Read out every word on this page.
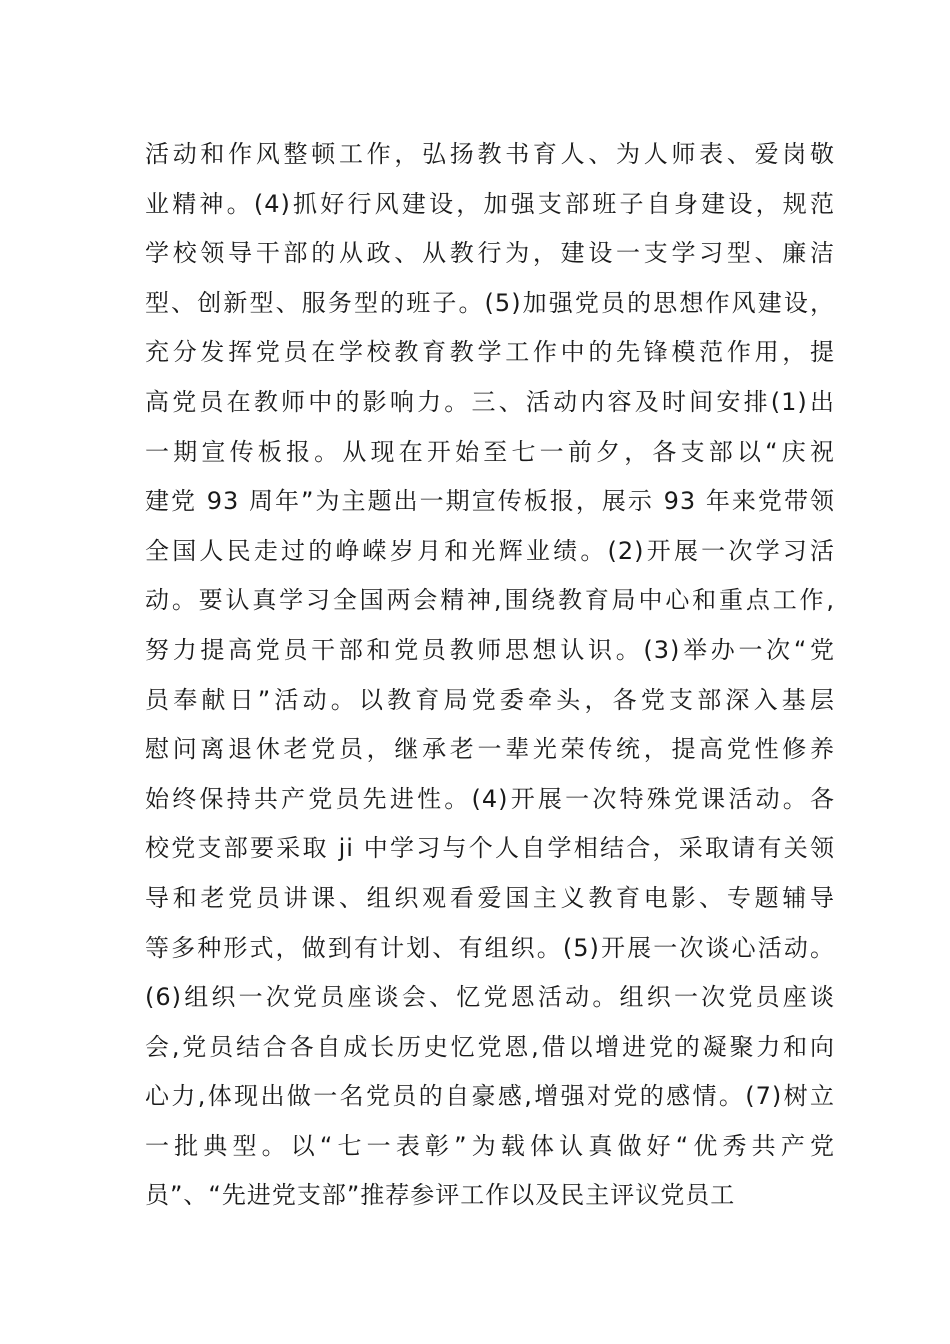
活动和作风整顿工作，弘扬教书育人、为人师表、爱岗敬
业精神。(4)抓好行风建设，加强支部班子自身建设，规范
学校领导干部的从政、从教行为，建设一支学习型、廉洁
型、创新型、服务型的班子。(5)加强党员的思想作风建设，
充分发挥党员在学校教育教学工作中的先锋模范作用，提
高党员在教师中的影响力。三、活动内容及时间安排(1)出
一期宣传板报。从现在开始至七一前夕，各支部以“庆祝
建党 93 周年”为主题出一期宣传板报，展示 93 年来党带领
全国人民走过的峥嵘岁月和光辉业绩。(2)开展一次学习活
动。要认真学习全国两会精神,围绕教育局中心和重点工作,
努力提高党员干部和党员教师思想认识。(3)举办一次“党
员奉献日”活动。以教育局党委牵头，各党支部深入基层
慰问离退休老党员，继承老一辈光荣传统，提高党性修养
始终保持共产党员先进性。(4)开展一次特殊党课活动。各
校党支部要采取 ji 中学习与个人自学相结合，采取请有关领
导和老党员讲课、组织观看爱国主义教育电影、专题辅导
等多种形式，做到有计划、有组织。(5)开展一次谈心活动。
(6)组织一次党员座谈会、忆党恩活动。组织一次党员座谈
会,党员结合各自成长历史忆党恩,借以增进党的凝聚力和向
心力,体现出做一名党员的自豪感,增强对党的感情。(7)树立
一批典型。以“七一表彰”为载体认真做好“优秀共产党
员”、“先进党支部”推荐参评工作以及民主评议党员工
